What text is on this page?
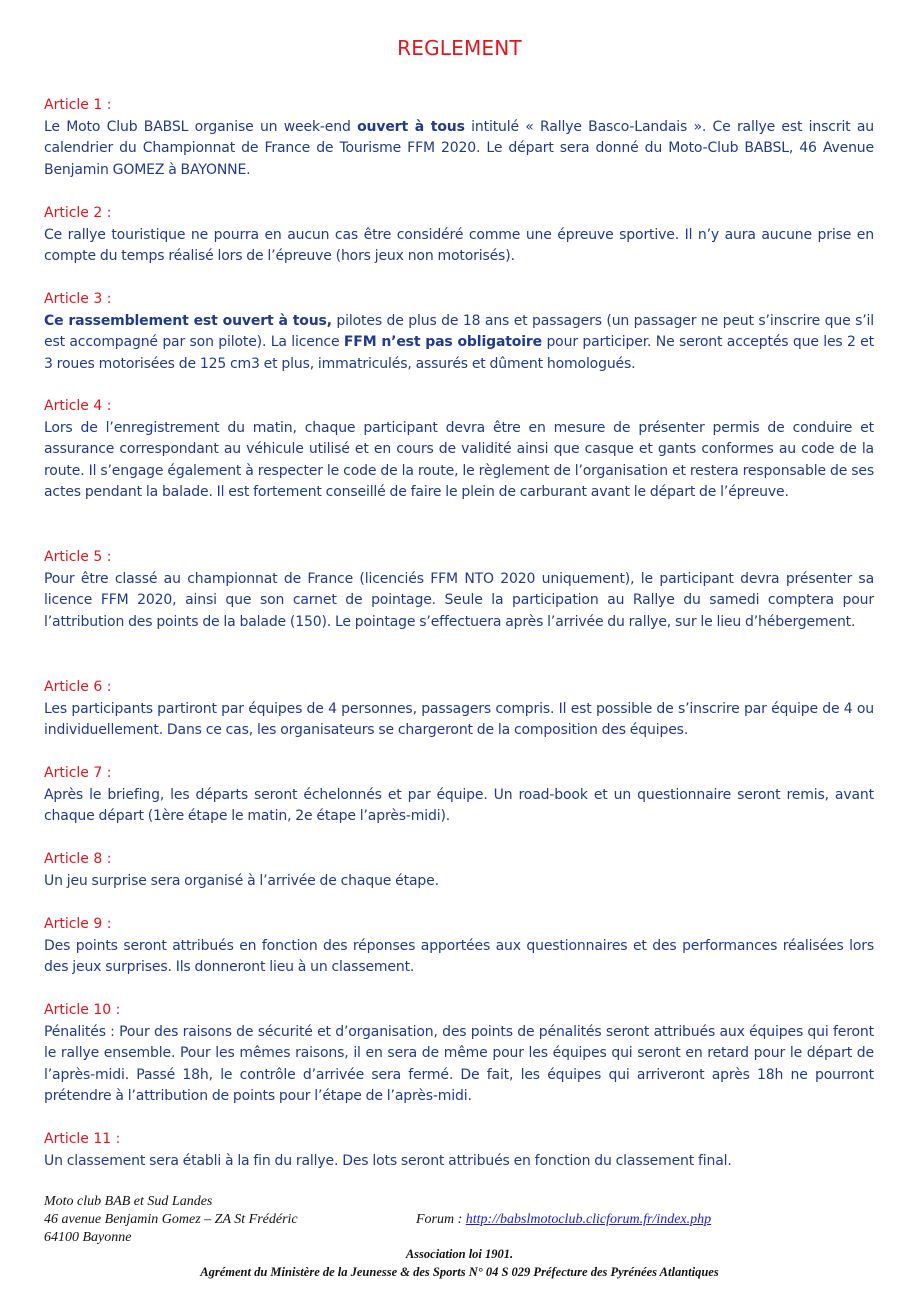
REGLEMENT
Article 1 :
Le Moto Club BABSL organise un week-end ouvert à tous intitulé « Rallye Basco-Landais ». Ce rallye est inscrit au calendrier du Championnat de France de Tourisme FFM 2020. Le départ sera donné du Moto-Club BABSL, 46 Avenue Benjamin GOMEZ à BAYONNE.
Article 2 :
Ce rallye touristique ne pourra en aucun cas être considéré comme une épreuve sportive. Il n’y aura aucune prise en compte du temps réalisé lors de l’épreuve (hors jeux non motorisés).
Article 3 :
Ce rassemblement est ouvert à tous, pilotes de plus de 18 ans et passagers (un passager ne peut s’inscrire que s’il est accompagné par son pilote). La licence FFM n’est pas obligatoire pour participer. Ne seront acceptés que les 2 et 3 roues motorisées de 125 cm3 et plus, immatriculés, assurés et dûment homologués.
Article 4 :
Lors de l’enregistrement du matin, chaque participant devra être en mesure de présenter permis de conduire et assurance correspondant au véhicule utilisé et en cours de validité ainsi que casque et gants conformes au code de la route. Il s’engage également à respecter le code de la route, le règlement de l’organisation et restera responsable de ses actes pendant la balade. Il est fortement conseillé de faire le plein de carburant avant le départ de l’épreuve.
Article 5 :
Pour être classé au championnat de France (licenciés FFM NTO 2020 uniquement), le participant devra présenter sa licence FFM 2020, ainsi que son carnet de pointage. Seule la participation au Rallye du samedi comptera pour l’attribution des points de la balade (150). Le pointage s’effectuera après l’arrivée du rallye, sur le lieu d’hébergement.
Article 6 :
Les participants partiront par équipes de 4 personnes, passagers compris. Il est possible de s’inscrire par équipe de 4 ou individuellement. Dans ce cas, les organisateurs se chargeront de la composition des équipes.
Article 7 :
Après le briefing, les départs seront échelonnés et par équipe. Un road-book et un questionnaire seront remis, avant chaque départ (1ère étape le matin, 2e étape l’après-midi).
Article 8 :
Un jeu surprise sera organisé à l’arrivée de chaque étape.
Article 9 :
Des points seront attribués en fonction des réponses apportées aux questionnaires et des performances réalisées lors des jeux surprises. Ils donneront lieu à un classement.
Article 10 :
Pénalités : Pour des raisons de sécurité et d’organisation, des points de pénalités seront attribués aux équipes qui feront le rallye ensemble. Pour les mêmes raisons, il en sera de même pour les équipes qui seront en retard pour le départ de l’après-midi. Passé 18h, le contrôle d’arrivée sera fermé. De fait, les équipes qui arriveront après 18h ne pourront prétendre à l’attribution de points pour l’étape de l’après-midi.
Article 11 :
Un classement sera établi à la fin du rallye. Des lots seront attribués en fonction du classement final.
Moto club BAB et Sud Landes
46 avenue Benjamin Gomez – ZA St Frédéric
64100 Bayonne
Forum : http://babslmotoclub.clicforum.fr/index.php
Association loi 1901.
Agrément du Ministère de la Jeunesse & des Sports N° 04 S 029 Préfecture des Pyrénées Atlantiques
